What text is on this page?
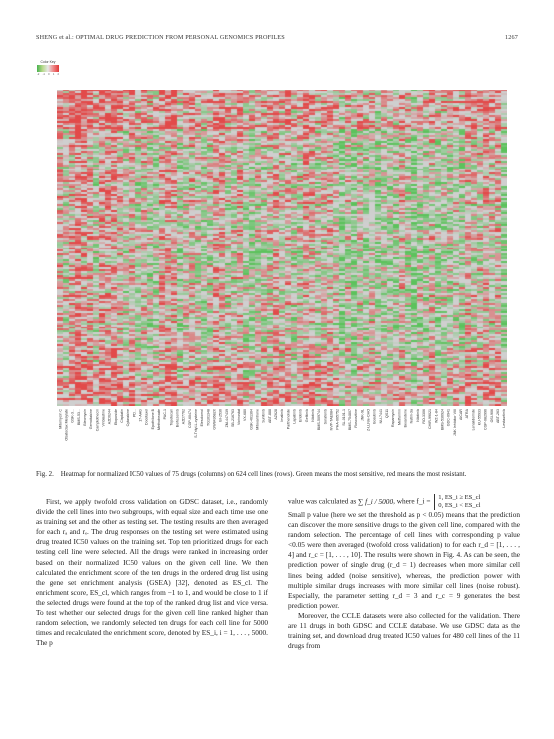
SHENG et al.: OPTIMAL DRUG PREDICTION FROM PERSONAL GENOMICS PROFILES	1267
Color Key
-2 -1 0 1 2
Mitomycin C Obatoclax Mesylate GSK-3... BMS-53... Bleomycin Gemcitabine Camptothecin Vinblastine AZD6244 Etoposide Cisplatin Cytarabine PD... 17-AAG Docetaxel Epothilone B Methotrexate PAC-1 Topotecan Bortezomib AZD7762 CGP-60474 S-Trityl-L-cysteine Elesclomol TG101348 GW843682X BI-2536 ZM-447439 SB-216763 Vorinostat VX-680 GSK-461364 Mitoxantrone Sunitinib ABT-888 AZ628 Imatinib Parthenolide Lapatinib Erlotinib Gefitinib Nilotinib BMS-509744 Sorafenib NVP-TAE684 PHA-665752 SL-0101-1 BMS-754807 Roscovitine JNK-9L Z-LLNle-CHO Bosutinib NU-7441 QS11 Rapamycin Metformin Bexarotene Nutlin-3a Nilotinib RO-3306 CHIR-99021 WZ-1-84 BMS-536924 GDC-0941 JNK Inhibitor VIII AICAR ATRA Lenalidomide KU-55933 CGP-082996 OSI-906 ABT-263 Lestaurtinib
Fig. 2. Heatmap for normalized IC50 values of 75 drugs (columns) on 624 cell lines (rows). Green means the most sensitive, red means the most resistant.

First, we apply twofold cross validation on GDSC dataset, i.e., randomly divide the cell lines into two subgroups, with equal size and each time use one as training set and the other as testing set. The testing results are then averaged for each rₐ and rₑ. The drug responses on the testing set were estimated using drug treated IC50 values on the training set. Top ten prioritized drugs for each testing cell line were selected. All the drugs were ranked in increasing order based on their normalized IC50 values on the given cell line. We then calculated the enrichment score of the ten drugs in the ordered drug list using the gene set enrichment analysis (GSEA) [32], denoted as ES_cl. The enrichment score, ES_cl, which ranges from −1 to 1, and would be close to 1 if the selected drugs were found at the top of the ranked drug list and vice versa. To test whether our selected drugs for the given cell line ranked higher than random selection, we randomly selected ten drugs for each cell line for 5000 times and recalculated the enrichment score, denoted by ES_i, i = 1, . . . , 5000. The p

value was calculated as ∑ f_i / 5000, where f_i = 1, ES_i ≥ ES_cl
0, ES_i < ES_cl

Small p value (here we set the threshold as p < 0.05) means that the prediction can discover the more sensitive drugs to the given cell line, compared with the random selection. The percentage of cell lines with corresponding p value <0.05 were then averaged (twofold cross validation) to for each r_d = [1, . . . , 4] and r_c = [1, . . . , 10]. The results were shown in Fig. 4. As can be seen, the prediction power of single drug (r_d = 1) decreases when more similar cell lines being added (noise sensitive), whereas, the prediction power with multiple similar drugs increases with more similar cell lines (noise robust). Especially, the parameter setting r_d = 3 and r_c = 9 generates the best prediction power.

Moreover, the CCLE datasets were also collected for the validation. There are 11 drugs in both GDSC and CCLE database. We use GDSC data as the training set, and download drug treated IC50 values for 480 cell lines of the 11 drugs from
